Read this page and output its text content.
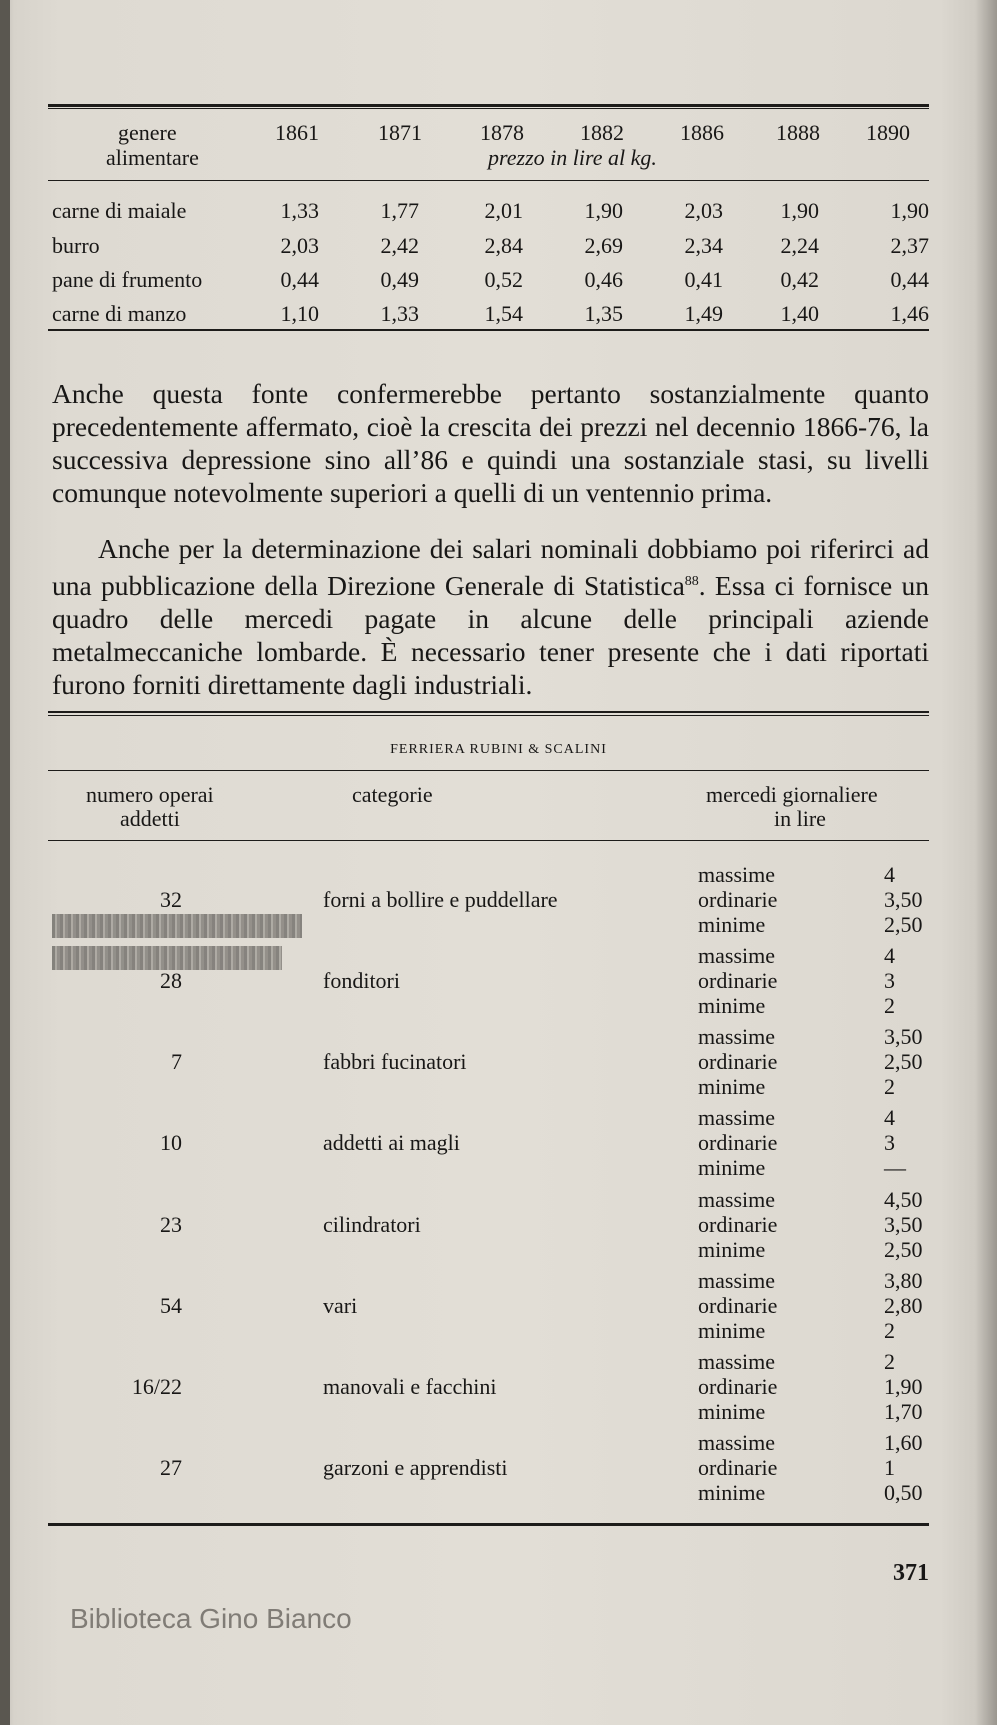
genere
alimentare
1861	1871	1878	1882	1886 1888 1890
prezzo in lire al kg.
carne di maiale	1,33	1,77	2,01	1,90	2,03	1,90	1,90
burro	2,03	2,42	2,84	2,69	2,34	2,24	2,37
pane di frumento	0,44	0,49	0,52	0,46	0,41	0,42	0,44
carne di manzo	1,10	1,33	1,54	1,35	1,49	1,40	1,46

Anche questa fonte confermerebbe pertanto sostanzialmente quanto precedentemente affermato, cioè la crescita dei prezzi nel decennio 1866-76, la successiva depressione sino all’86 e quindi una sostanziale stasi, su livelli comunque notevolmente superiori a quelli di un ventennio prima.

Anche per la determinazione dei salari nominali dobbiamo poi riferirci ad una pubblicazione della Direzione Generale di Statistica$^{88}$. Essa ci fornisce un quadro delle mercedi pagate in alcune delle principali aziende metalmeccaniche lombarde. È necessario tener presente che i dati riportati furono forniti direttamente dagli industriali.

FERRIERA RUBINI & SCALINI
numero operai
addetti
categorie	mercedi giornaliere
in lire
32	forni a bollire e puddellare
massime	4
ordinarie	3,50
minime	2,50
28	fonditori
massime	4
ordinarie	3
minime	2
7	fabbri fucinatori
massime	3,50
ordinarie	2,50
minime	2
10	addetti ai magli
massime	4
ordinarie	3
minime	—
23	cilindratori
massime	4,50
ordinarie	3,50
minime	2,50
54	vari
massime	3,80
ordinarie	2,80
minime	2
16/22	manovali e facchini
massime	2
ordinarie	1,90
minime	1,70
27	garzoni e apprendisti
massime	1,60
ordinarie	1
minime	0,50
371
Biblioteca Gino Bianco
